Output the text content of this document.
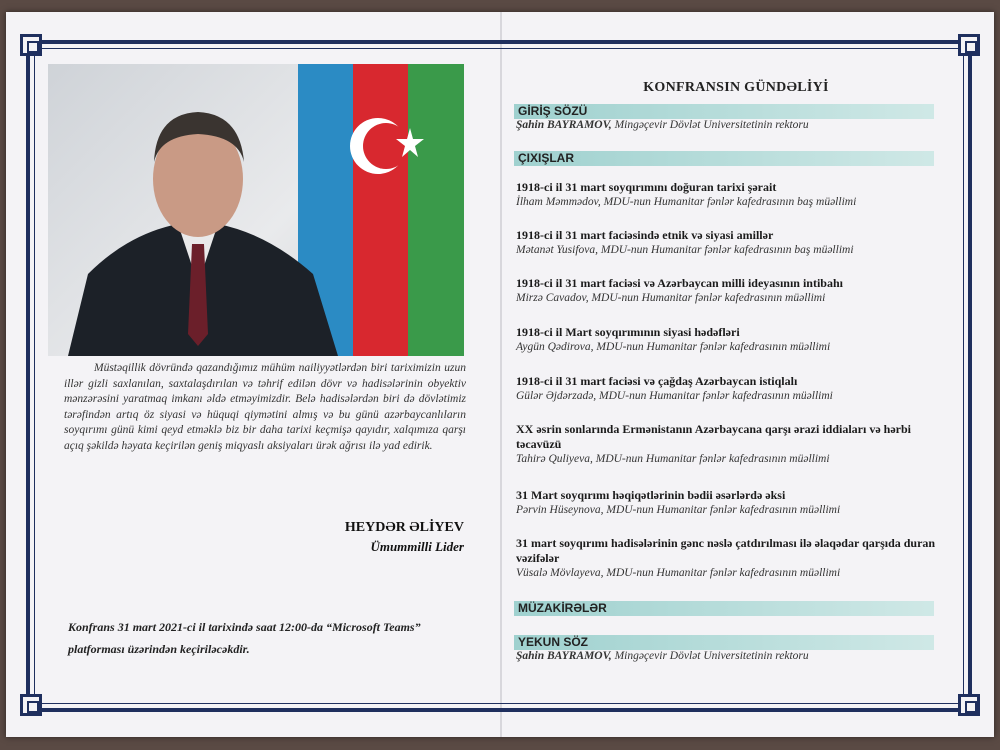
Müstəqillik dövründə qazandığımız mühüm nailiyyətlərdən biri tariximizin uzun illər gizli saxlanılan, saxtalaşdırılan və təhrif edilən dövr və hadisələrinin obyektiv mənzərəsini yaratmaq imkanı əldə etməyimizdir. Belə hadisələrdən biri də dövlətimiz tərəfindən artıq öz siyasi və hüquqi qiymətini almış və bu günü azərbaycanlıların soyqırımı günü kimi qeyd etməklə biz bir daha tarixi keçmişə qayıdır, xalqımıza qarşı açıq şəkildə həyata keçirilən geniş miqyaslı aksiyaları ürək ağrısı ilə yad edirik.
HEYDƏR ƏLİYEV
Ümummilli Lider
Konfrans 31 mart 2021-ci il tarixində saat 12:00-da “Microsoft Teams” platforması üzərindən keçiriləcəkdir.
KONFRANSIN GÜNDƏLİYİ
GİRİŞ SÖZÜ
Şahin BAYRAMOV, Mingəçevir Dövlət Universitetinin rektoru
ÇIXIŞLAR
1918-ci il 31 mart soyqırımını doğuran tarixi şərait
İlham Məmmədov, MDU-nun Humanitar fənlər kafedrasının baş müəllimi
1918-ci il 31 mart faciəsində etnik və siyasi amillər
Mətanət Yusifova, MDU-nun Humanitar fənlər kafedrasının baş müəllimi
1918-ci il 31 mart faciəsi və Azərbaycan milli ideyasının intibahı
Mirzə Cavadov, MDU-nun Humanitar fənlər kafedrasının müəllimi
1918-ci il Mart soyqırımının siyasi hədəfləri
Aygün Qədirova, MDU-nun Humanitar fənlər kafedrasının müəllimi
1918-ci il 31 mart faciəsi və çağdaş Azərbaycan istiqlalı
Gülər Əjdərzadə, MDU-nun Humanitar fənlər kafedrasının müəllimi
XX əsrin sonlarında Ermənistanın Azərbaycana qarşı ərazi iddiaları və hərbi təcavüzü
Tahirə Quliyeva, MDU-nun Humanitar fənlər kafedrasının müəllimi
31 Mart soyqırımı həqiqətlərinin bədii əsərlərdə əksi
Pərvin Hüseynova, MDU-nun Humanitar fənlər kafedrasının müəllimi
31 mart soyqırımı hadisələrinin gənc nəslə çatdırılması ilə əlaqədar qarşıda duran vəzifələr
Vüsalə Mövlayeva, MDU-nun Humanitar fənlər kafedrasının müəllimi
MÜZAKİRƏLƏR
YEKUN SÖZ
Şahin BAYRAMOV, Mingəçevir Dövlət Universitetinin rektoru
